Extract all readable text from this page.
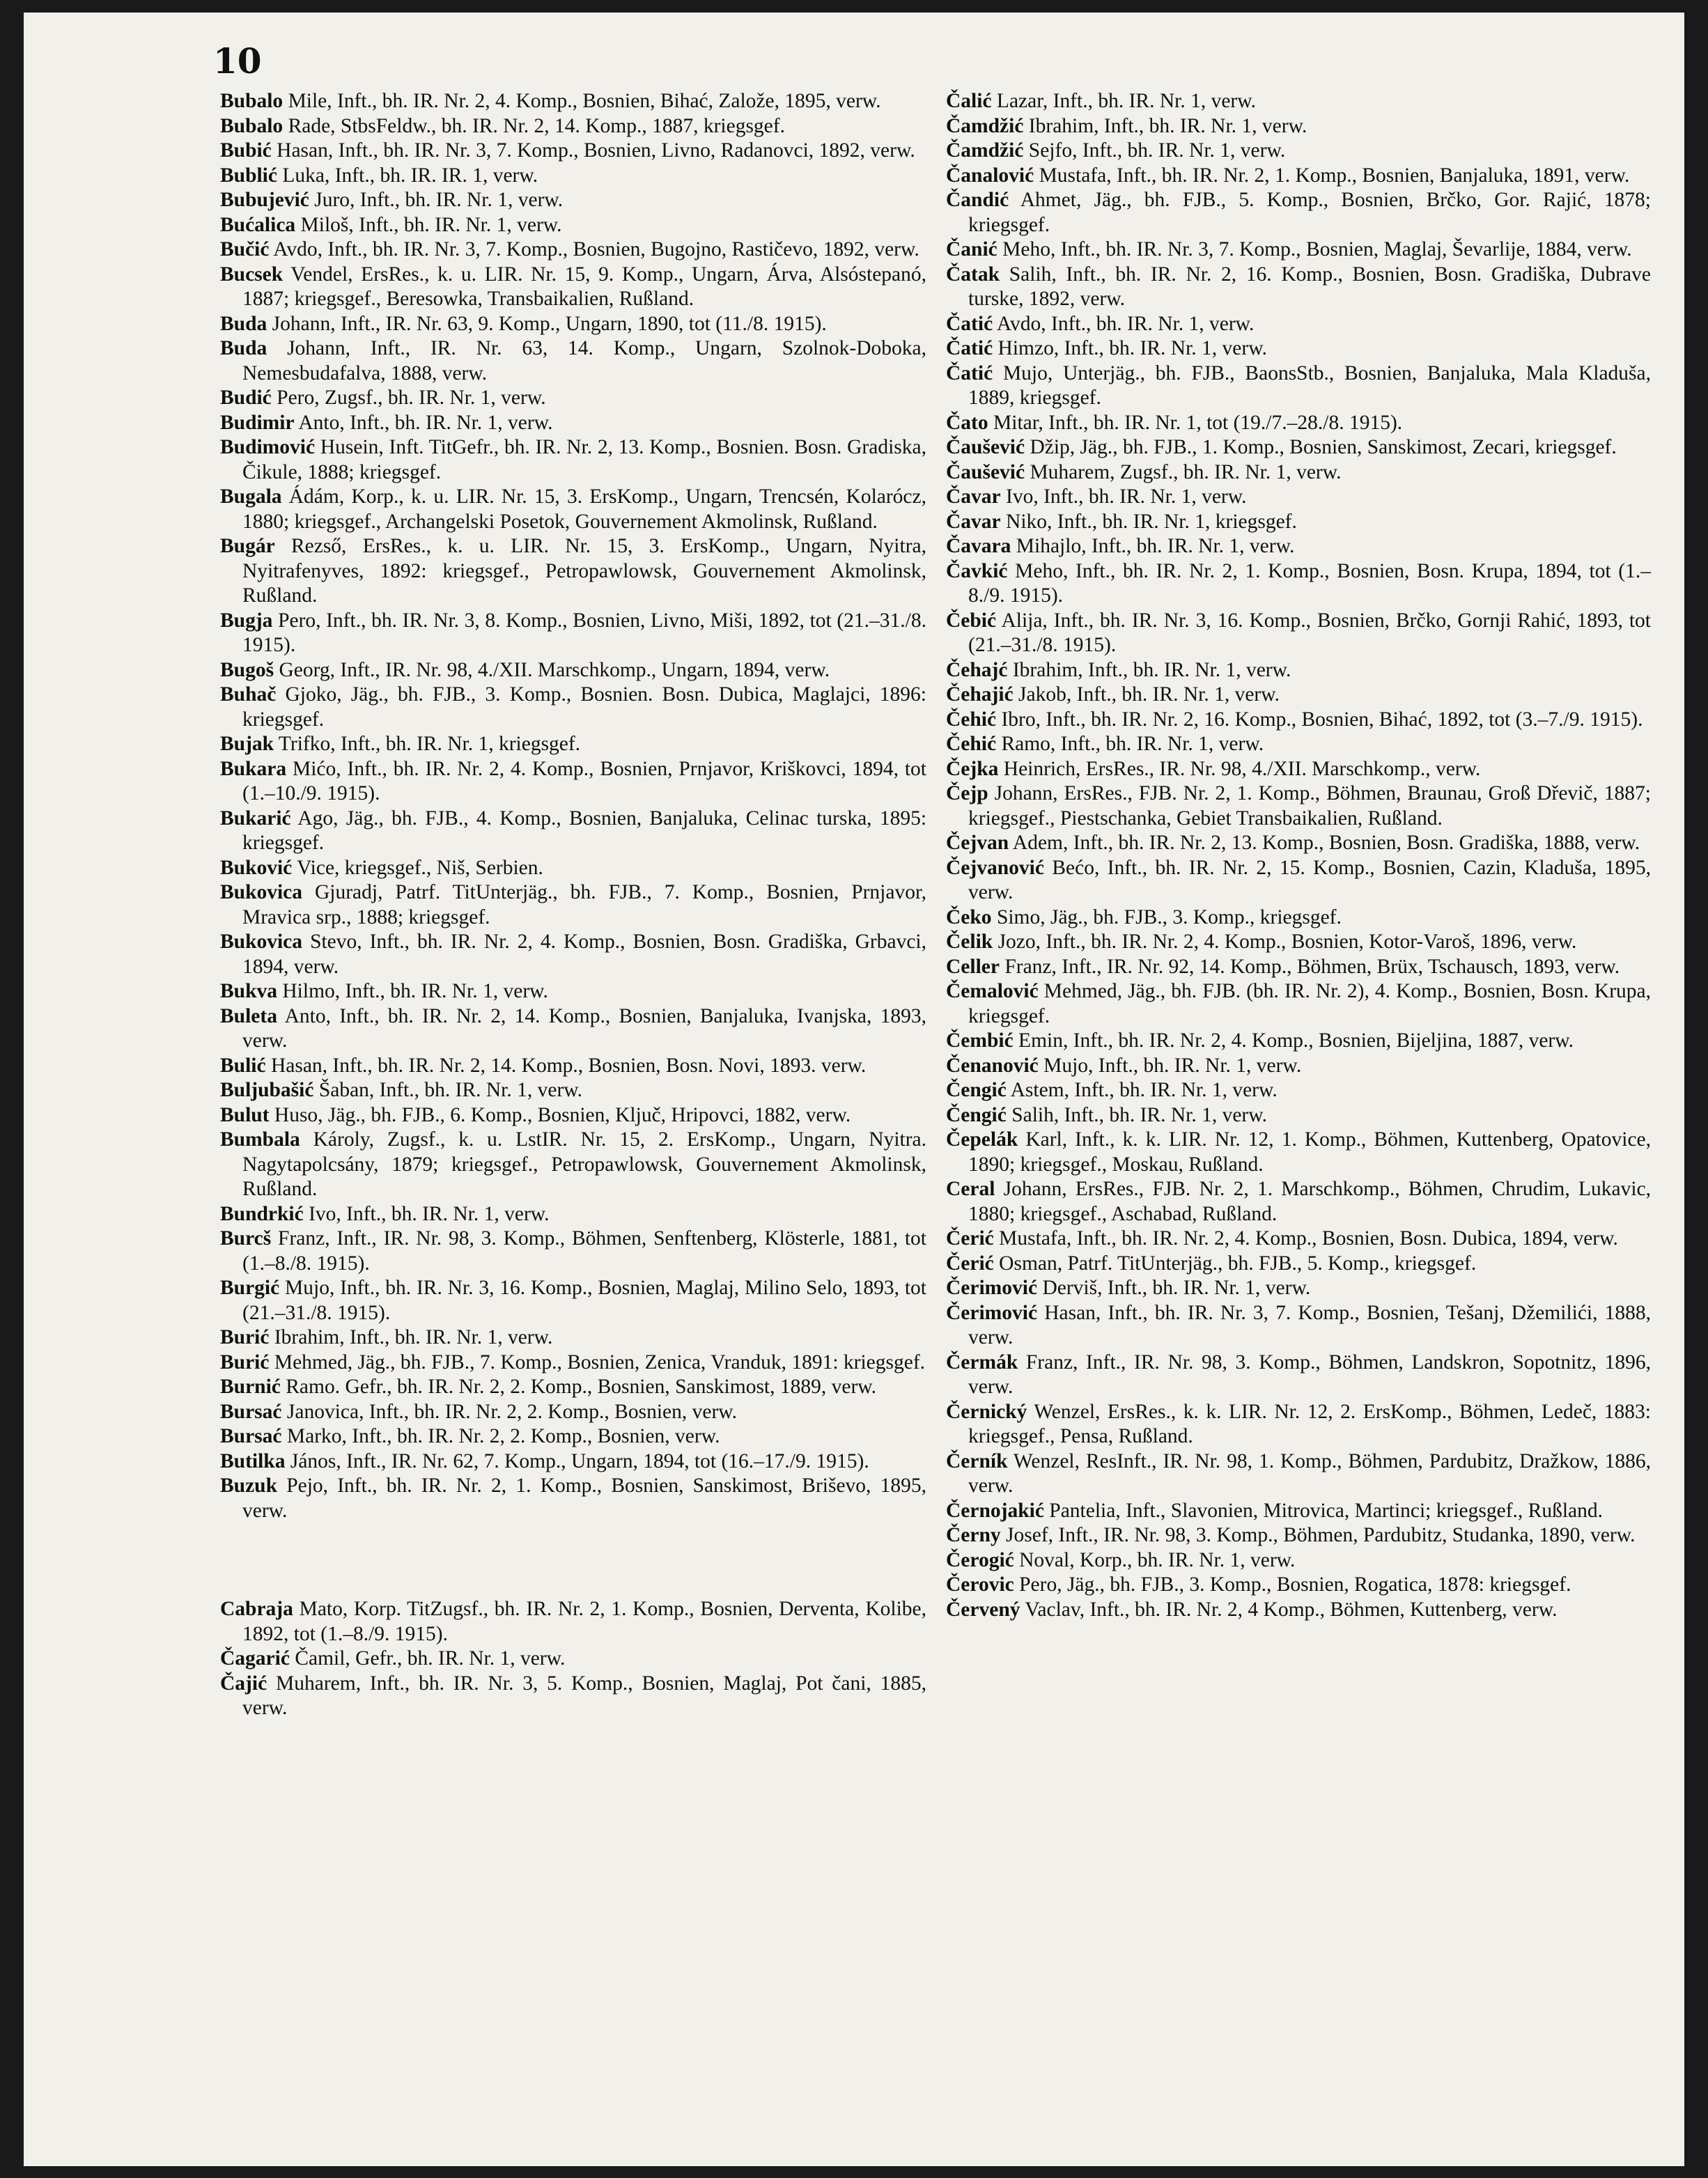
10

Bubalo Mile, Inft., bh. IR. Nr. 2, 4. Komp., Bosnien, Bihać, Založe, 1895, verw.

Bubalo Rade, StbsFeldw., bh. IR. Nr. 2, 14. Komp., 1887, kriegsgef.

Bubić Hasan, Inft., bh. IR. Nr. 3, 7. Komp., Bosnien, Livno, Radanovci, 1892, verw.

Bublić Luka, Inft., bh. IR. IR. 1, verw.

Bubujević Juro, Inft., bh. IR. Nr. 1, verw.

Bućalica Miloš, Inft., bh. IR. Nr. 1, verw.

Bučić Avdo, Inft., bh. IR. Nr. 3, 7. Komp., Bosnien, Bugojno, Rastičevo, 1892, verw.

Bucsek Vendel, ErsRes., k. u. LIR. Nr. 15, 9. Komp., Ungarn, Árva, Alsóstepanó, 1887; kriegsgef., Beresowka, Transbaikalien, Rußland.

Buda Johann, Inft., IR. Nr. 63, 9. Komp., Ungarn, 1890, tot (11./8. 1915).

Buda Johann, Inft., IR. Nr. 63, 14. Komp., Ungarn, Szolnok-Doboka, Nemesbudafalva, 1888, verw.

Budić Pero, Zugsf., bh. IR. Nr. 1, verw.

Budimir Anto, Inft., bh. IR. Nr. 1, verw.

Budimović Husein, Inft. TitGefr., bh. IR. Nr. 2, 13. Komp., Bosnien. Bosn. Gradiska, Čikule, 1888; kriegsgef.

Bugala Ádám, Korp., k. u. LIR. Nr. 15, 3. ErsKomp., Ungarn, Trencsén, Kolarócz, 1880; kriegsgef., Archangelski Posetok, Gouvernement Akmolinsk, Rußland.

Bugár Rezső, ErsRes., k. u. LIR. Nr. 15, 3. ErsKomp., Ungarn, Nyitra, Nyitrafenyves, 1892: kriegsgef., Petropawlowsk, Gouvernement Akmolinsk, Rußland.

Bugja Pero, Inft., bh. IR. Nr. 3, 8. Komp., Bosnien, Livno, Miši, 1892, tot (21.–31./8. 1915).

Bugoš Georg, Inft., IR. Nr. 98, 4./XII. Marschkomp., Ungarn, 1894, verw.

Buhač Gjoko, Jäg., bh. FJB., 3. Komp., Bosnien. Bosn. Dubica, Maglajci, 1896: kriegsgef.

Bujak Trifko, Inft., bh. IR. Nr. 1, kriegsgef.

Bukara Mićo, Inft., bh. IR. Nr. 2, 4. Komp., Bosnien, Prnjavor, Kriškovci, 1894, tot (1.–10./9. 1915).

Bukarić Ago, Jäg., bh. FJB., 4. Komp., Bosnien, Banjaluka, Celinac turska, 1895: kriegsgef.

Buković Vice, kriegsgef., Niš, Serbien.

Bukovica Gjuradj, Patrf. TitUnterjäg., bh. FJB., 7. Komp., Bosnien, Prnjavor, Mravica srp., 1888; kriegsgef.

Bukovica Stevo, Inft., bh. IR. Nr. 2, 4. Komp., Bosnien, Bosn. Gradiška, Grbavci, 1894, verw.

Bukva Hilmo, Inft., bh. IR. Nr. 1, verw.

Buleta Anto, Inft., bh. IR. Nr. 2, 14. Komp., Bosnien, Banjaluka, Ivanjska, 1893, verw.

Bulić Hasan, Inft., bh. IR. Nr. 2, 14. Komp., Bosnien, Bosn. Novi, 1893. verw.

Buljubašić Šaban, Inft., bh. IR. Nr. 1, verw.

Bulut Huso, Jäg., bh. FJB., 6. Komp., Bosnien, Ključ, Hripovci, 1882, verw.

Bumbala Károly, Zugsf., k. u. LstIR. Nr. 15, 2. ErsKomp., Ungarn, Nyitra. Nagytapolcsány, 1879; kriegsgef., Petropawlowsk, Gouvernement Akmolinsk, Rußland.

Bundrkić Ivo, Inft., bh. IR. Nr. 1, verw.

Burcš Franz, Inft., IR. Nr. 98, 3. Komp., Böhmen, Senftenberg, Klösterle, 1881, tot (1.–8./8. 1915).

Burgić Mujo, Inft., bh. IR. Nr. 3, 16. Komp., Bosnien, Maglaj, Milino Selo, 1893, tot (21.–31./8. 1915).

Burić Ibrahim, Inft., bh. IR. Nr. 1, verw.

Burić Mehmed, Jäg., bh. FJB., 7. Komp., Bosnien, Zenica, Vranduk, 1891: kriegsgef.

Burnić Ramo. Gefr., bh. IR. Nr. 2, 2. Komp., Bosnien, Sanskimost, 1889, verw.

Bursać Janovica, Inft., bh. IR. Nr. 2, 2. Komp., Bosnien, verw.

Bursać Marko, Inft., bh. IR. Nr. 2, 2. Komp., Bosnien, verw.

Butilka János, Inft., IR. Nr. 62, 7. Komp., Ungarn, 1894, tot (16.–17./9. 1915).

Buzuk Pejo, Inft., bh. IR. Nr. 2, 1. Komp., Bosnien, Sanskimost, Briševo, 1895, verw.

Cabraja Mato, Korp. TitZugsf., bh. IR. Nr. 2, 1. Komp., Bosnien, Derventa, Kolibe, 1892, tot (1.–8./9. 1915).

Čagarić Čamil, Gefr., bh. IR. Nr. 1, verw.

Čajić Muharem, Inft., bh. IR. Nr. 3, 5. Komp., Bosnien, Maglaj, Pot čani, 1885, verw.

Čalić Lazar, Inft., bh. IR. Nr. 1, verw.

Čamdžić Ibrahim, Inft., bh. IR. Nr. 1, verw.

Čamdžić Sejfo, Inft., bh. IR. Nr. 1, verw.

Čanalović Mustafa, Inft., bh. IR. Nr. 2, 1. Komp., Bosnien, Banjaluka, 1891, verw.

Čandić Ahmet, Jäg., bh. FJB., 5. Komp., Bosnien, Brčko, Gor. Rajić, 1878; kriegsgef.

Čanić Meho, Inft., bh. IR. Nr. 3, 7. Komp., Bosnien, Maglaj, Ševarlije, 1884, verw.

Čatak Salih, Inft., bh. IR. Nr. 2, 16. Komp., Bosnien, Bosn. Gradiška, Dubrave turske, 1892, verw.

Čatić Avdo, Inft., bh. IR. Nr. 1, verw.

Čatić Himzo, Inft., bh. IR. Nr. 1, verw.

Čatić Mujo, Unterjäg., bh. FJB., BaonsStb., Bosnien, Banjaluka, Mala Kladuša, 1889, kriegsgef.

Čato Mitar, Inft., bh. IR. Nr. 1, tot (19./7.–28./8. 1915).

Čaušević Džip, Jäg., bh. FJB., 1. Komp., Bosnien, Sanskimost, Zecari, kriegsgef.

Čaušević Muharem, Zugsf., bh. IR. Nr. 1, verw.

Čavar Ivo, Inft., bh. IR. Nr. 1, verw.

Čavar Niko, Inft., bh. IR. Nr. 1, kriegsgef.

Čavara Mihajlo, Inft., bh. IR. Nr. 1, verw.

Čavkić Meho, Inft., bh. IR. Nr. 2, 1. Komp., Bosnien, Bosn. Krupa, 1894, tot (1.–8./9. 1915).

Čebić Alija, Inft., bh. IR. Nr. 3, 16. Komp., Bosnien, Brčko, Gornji Rahić, 1893, tot (21.–31./8. 1915).

Čehajć Ibrahim, Inft., bh. IR. Nr. 1, verw.

Čehajić Jakob, Inft., bh. IR. Nr. 1, verw.

Čehić Ibro, Inft., bh. IR. Nr. 2, 16. Komp., Bosnien, Bihać, 1892, tot (3.–7./9. 1915).

Čehić Ramo, Inft., bh. IR. Nr. 1, verw.

Čejka Heinrich, ErsRes., IR. Nr. 98, 4./XII. Marschkomp., verw.

Čejp Johann, ErsRes., FJB. Nr. 2, 1. Komp., Böhmen, Braunau, Groß Dřevič, 1887; kriegsgef., Piestschanka, Gebiet Transbaikalien, Rußland.

Čejvan Adem, Inft., bh. IR. Nr. 2, 13. Komp., Bosnien, Bosn. Gradiška, 1888, verw.

Čejvanović Bećo, Inft., bh. IR. Nr. 2, 15. Komp., Bosnien, Cazin, Kladuša, 1895, verw.

Čeko Simo, Jäg., bh. FJB., 3. Komp., kriegsgef.

Čelik Jozo, Inft., bh. IR. Nr. 2, 4. Komp., Bosnien, Kotor-Varoš, 1896, verw.

Celler Franz, Inft., IR. Nr. 92, 14. Komp., Böhmen, Brüx, Tschausch, 1893, verw.

Čemalović Mehmed, Jäg., bh. FJB. (bh. IR. Nr. 2), 4. Komp., Bosnien, Bosn. Krupa, kriegsgef.

Čembić Emin, Inft., bh. IR. Nr. 2, 4. Komp., Bosnien, Bijeljina, 1887, verw.

Čenanović Mujo, Inft., bh. IR. Nr. 1, verw.

Čengić Astem, Inft., bh. IR. Nr. 1, verw.

Čengić Salih, Inft., bh. IR. Nr. 1, verw.

Čepelák Karl, Inft., k. k. LIR. Nr. 12, 1. Komp., Böhmen, Kuttenberg, Opatovice, 1890; kriegsgef., Moskau, Rußland.

Ceral Johann, ErsRes., FJB. Nr. 2, 1. Marschkomp., Böhmen, Chrudim, Lukavic, 1880; kriegsgef., Aschabad, Rußland.

Čerić Mustafa, Inft., bh. IR. Nr. 2, 4. Komp., Bosnien, Bosn. Dubica, 1894, verw.

Čerić Osman, Patrf. TitUnterjäg., bh. FJB., 5. Komp., kriegsgef.

Čerimović Derviš, Inft., bh. IR. Nr. 1, verw.

Čerimović Hasan, Inft., bh. IR. Nr. 3, 7. Komp., Bosnien, Tešanj, Džemilići, 1888, verw.

Čermák Franz, Inft., IR. Nr. 98, 3. Komp., Böhmen, Landskron, Sopotnitz, 1896, verw.

Černický Wenzel, ErsRes., k. k. LIR. Nr. 12, 2. ErsKomp., Böhmen, Ledeč, 1883: kriegsgef., Pensa, Rußland.

Černík Wenzel, ResInft., IR. Nr. 98, 1. Komp., Böhmen, Pardubitz, Dražkow, 1886, verw.

Černojakić Pantelia, Inft., Slavonien, Mitrovica, Martinci; kriegsgef., Rußland.

Černy Josef, Inft., IR. Nr. 98, 3. Komp., Böhmen, Pardubitz, Studanka, 1890, verw.

Čerogić Noval, Korp., bh. IR. Nr. 1, verw.

Čerovic Pero, Jäg., bh. FJB., 3. Komp., Bosnien, Rogatica, 1878: kriegsgef.

Červený Vaclav, Inft., bh. IR. Nr. 2, 4 Komp., Böhmen, Kuttenberg, verw.
